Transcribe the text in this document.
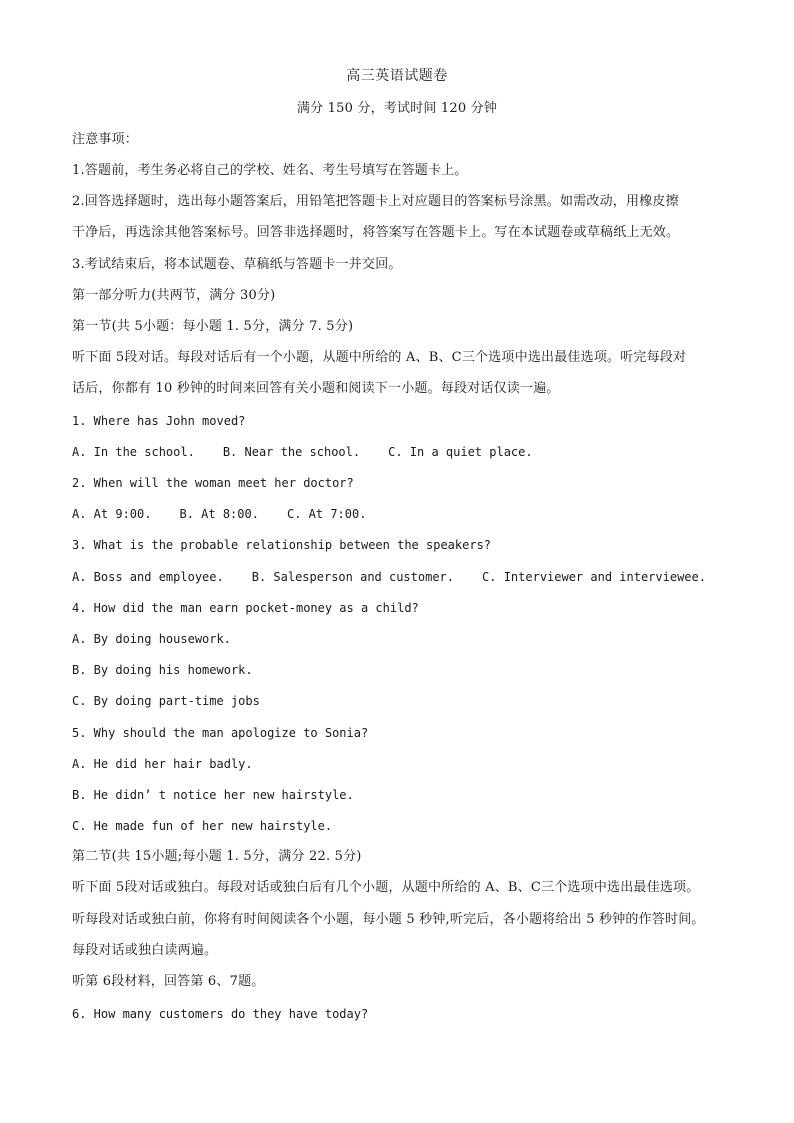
高三英语试题卷
满分 150 分，考试时间 120 分钟
注意事项：
1.答题前，考生务必将自己的学校、姓名、考生号填写在答题卡上。
2.回答选择题时，选出每小题答案后，用铅笔把答题卡上对应题目的答案标号涂黑。如需改动，用橡皮擦
干净后，再选涂其他答案标号。回答非选择题时，将答案写在答题卡上。写在本试题卷或草稿纸上无效。
3.考试结束后，将本试题卷、草稿纸与答题卡一并交回。
第一部分听力(共两节，满分 30分)
第一节(共 5小题：每小题 1. 5分，满分 7. 5分)
听下面 5段对话。每段对话后有一个小题，从题中所给的 A、B、C三个选项中选出最佳选项。听完每段对
话后，你都有 10 秒钟的时间来回答有关小题和阅读下一小题。每段对话仅读一遍。
1. Where has John moved?
A. In the school. B. Near the school. C. In a quiet place.
2. When will the woman meet her doctor?
A. At 9:00. B. At 8:00. C. At 7:00.
3. What is the probable relationship between the speakers?
A. Boss and employee. B. Salesperson and customer. C. Interviewer and interviewee.
4. How did the man earn pocket-money as a child?
A. By doing housework.
B. By doing his homework.
C. By doing part-time jobs
5. Why should the man apologize to Sonia?
A. He did her hair badly.
B. He didn’ t notice her new hairstyle.
C. He made fun of her new hairstyle.
第二节(共 15小题;每小题 1. 5分，满分 22. 5分)
听下面 5段对话或独白。每段对话或独白后有几个小题，从题中所给的 A、B、C三个选项中选出最佳选项。
听每段对话或独白前，你将有时间阅读各个小题，每小题 5 秒钟,听完后，各小题将给出 5 秒钟的作答时间。
每段对话或独白读两遍。
听第 6段材料，回答第 6、7题。
6. How many customers do they have today?
